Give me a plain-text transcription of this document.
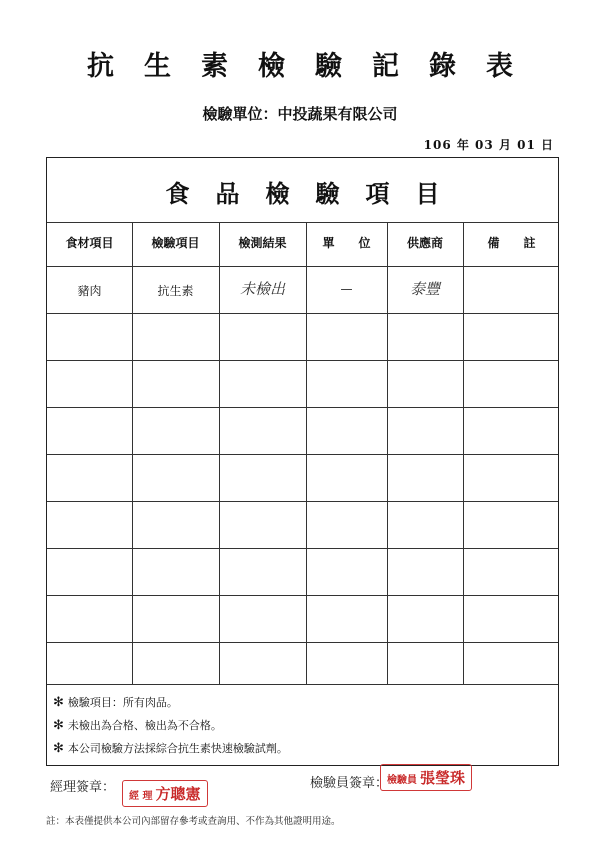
抗生素檢驗記錄表
檢驗單位：中投蔬果有限公司
106 年 03 月 01 日
食品檢驗項目
食材項目	檢驗項目	檢測結果	單　　位	供應商	備　　註
豬肉	抗生素	未檢出	—	泰豐
✻ 檢驗項目：所有肉品。
✻ 未檢出為合格、檢出為不合格。
✻ 本公司檢驗方法採綜合抗生素快速檢驗試劑。
經理簽章：
經 理 方聰憲
檢驗員簽章：
檢驗員 張瑩珠
註：本表僅提供本公司內部留存參考或查詢用、不作為其他證明用途。
